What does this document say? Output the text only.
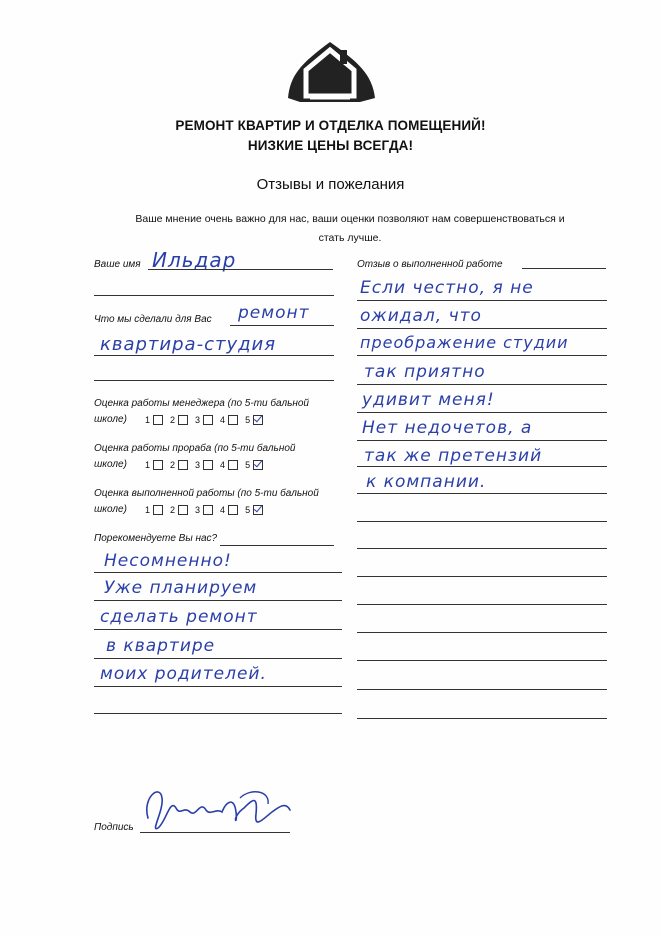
РЕМОНТ КВАРТИР И ОТДЕЛКА ПОМЕЩЕНИЙ!
НИЗКИЕ ЦЕНЫ ВСЕГДА!
Отзывы и пожелания
Ваше мнение очень важно для нас, ваши оценки позволяют нам совершенствоваться и
стать лучше.
Ваше имя Ильдар
Что мы сделали для Вас ремонт
квартира-студия
Оценка работы менеджера (по 5-ти бальной
школе) 1 2 3 4 5
Оценка работы прораба (по 5-ти бальной
школе) 1 2 3 4 5
Оценка выполненной работы (по 5-ти бальной
школе) 1 2 3 4 5
Порекомендуете Вы нас?
Несомненно!
Уже планируем
сделать ремонт
в квартире
моих родителей.
Подпись
Отзыв о выполненной работе
Если честно, я не
ожидал, что
преображение студии
так приятно
удивит меня!
Нет недочетов, а
так же претензий
к компании.
